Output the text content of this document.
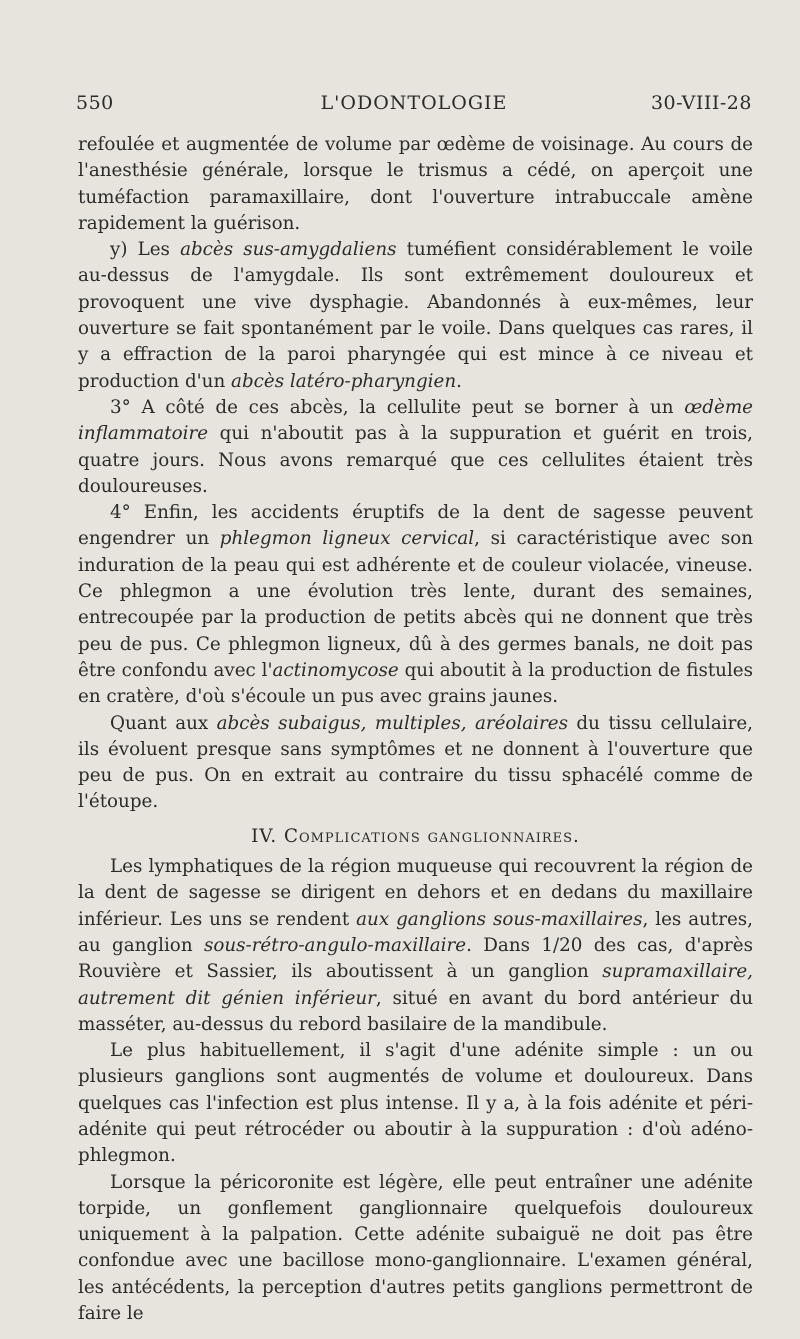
550	L'ODONTOLOGIE	30-VIII-28

refoulée et augmentée de volume par œdème de voisinage. Au cours de l'anesthésie générale, lorsque le trismus a cédé, on aperçoit une tuméfaction paramaxillaire, dont l'ouverture intrabuccale amène rapidement la guérison.

y) Les abcès sus-amygdaliens tuméfient considérablement le voile au-dessus de l'amygdale. Ils sont extrêmement douloureux et provoquent une vive dysphagie. Abandonnés à eux-mêmes, leur ouverture se fait spontanément par le voile. Dans quelques cas rares, il y a effraction de la paroi pharyngée qui est mince à ce niveau et production d'un abcès latéro-pharyngien.

3° A côté de ces abcès, la cellulite peut se borner à un œdème inflammatoire qui n'aboutit pas à la suppuration et guérit en trois, quatre jours. Nous avons remarqué que ces cellulites étaient très douloureuses.

4° Enfin, les accidents éruptifs de la dent de sagesse peuvent engendrer un phlegmon ligneux cervical, si caractéristique avec son induration de la peau qui est adhérente et de couleur violacée, vineuse. Ce phlegmon a une évolution très lente, durant des semaines, entrecoupée par la production de petits abcès qui ne donnent que très peu de pus. Ce phlegmon ligneux, dû à des germes banals, ne doit pas être confondu avec l'actinomycose qui aboutit à la production de fistules en cratère, d'où s'écoule un pus avec grains jaunes.

Quant aux abcès subaigus, multiples, aréolaires du tissu cellulaire, ils évoluent presque sans symptômes et ne donnent à l'ouverture que peu de pus. On en extrait au contraire du tissu sphacélé comme de l'étoupe.

IV. Complications ganglionnaires.

Les lymphatiques de la région muqueuse qui recouvrent la région de la dent de sagesse se dirigent en dehors et en dedans du maxillaire inférieur. Les uns se rendent aux ganglions sous-maxillaires, les autres, au ganglion sous-rétro-angulo-maxillaire. Dans 1/20 des cas, d'après Rouvière et Sassier, ils aboutissent à un ganglion supramaxillaire, autrement dit génien inférieur, situé en avant du bord antérieur du masséter, au-dessus du rebord basilaire de la mandibule.

Le plus habituellement, il s'agit d'une adénite simple : un ou plusieurs ganglions sont augmentés de volume et douloureux. Dans quelques cas l'infection est plus intense. Il y a, à la fois adénite et péri-adénite qui peut rétrocéder ou aboutir à la suppuration : d'où adéno-phlegmon.

Lorsque la péricoronite est légère, elle peut entraîner une adénite torpide, un gonflement ganglionnaire quelquefois douloureux uniquement à la palpation. Cette adénite subaiguë ne doit pas être confondue avec une bacillose mono-ganglionnaire. L'examen général, les antécédents, la perception d'autres petits ganglions permettront de faire le
